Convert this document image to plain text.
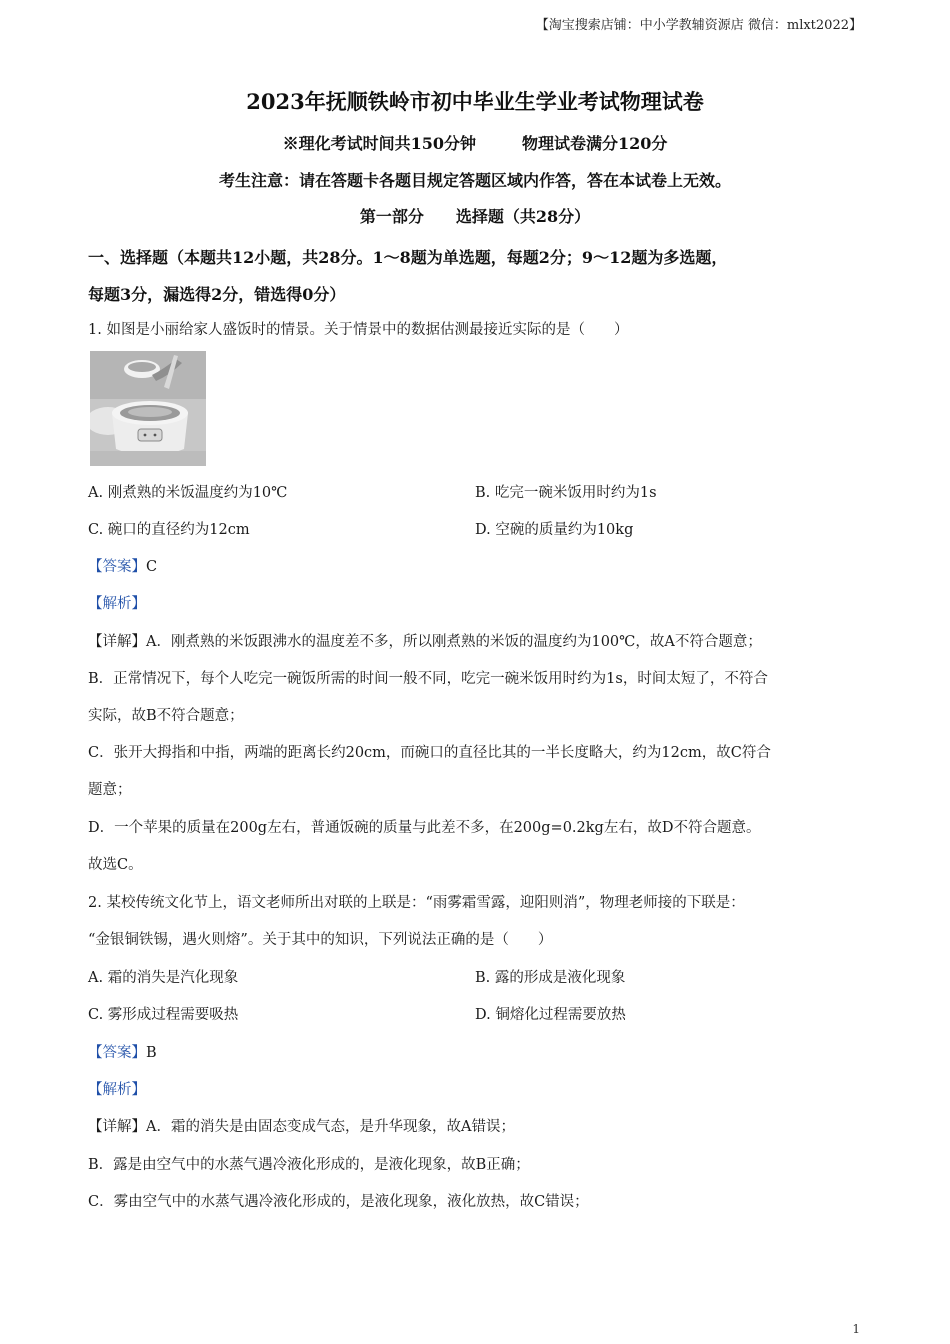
【淘宝搜索店铺：中小学教辅资源店 微信：mlxt2022】
2023年抚顺铁岭市初中毕业生学业考试物理试卷
※理化考试时间共150分钟	物理试卷满分120分
考生注意：请在答题卡各题目规定答题区域内作答，答在本试卷上无效。
第一部分　　选择题（共28分）
一、选择题（本题共12小题，共28分。1～8题为单选题，每题2分；9～12题为多选题，
每题3分，漏选得2分，错选得0分）
1. 如图是小丽给家人盛饭时的情景。关于情景中的数据估测最接近实际的是（　　）
A. 刚煮熟的米饭温度约为10℃	B. 吃完一碗米饭用时约为1s
C. 碗口的直径约为12cm	D. 空碗的质量约为10kg
【答案】C
【解析】
【详解】A．刚煮熟的米饭跟沸水的温度差不多，所以刚煮熟的米饭的温度约为100℃，故A不符合题意；
B．正常情况下，每个人吃完一碗饭所需的时间一般不同，吃完一碗米饭用时约为1s，时间太短了，不符合
实际，故B不符合题意；
C．张开大拇指和中指，两端的距离长约20cm，而碗口的直径比其的一半长度略大，约为12cm，故C符合
题意；
D．一个苹果的质量在200g左右，普通饭碗的质量与此差不多，在200g=0.2kg左右，故D不符合题意。
故选C。
2. 某校传统文化节上，语文老师所出对联的上联是：“雨雾霜雪露，迎阳则消”，物理老师接的下联是：
“金银铜铁锡，遇火则熔”。关于其中的知识，下列说法正确的是（　　）
A. 霜的消失是汽化现象	B. 露的形成是液化现象
C. 雾形成过程需要吸热	D. 铜熔化过程需要放热
【答案】B
【解析】
【详解】A．霜的消失是由固态变成气态，是升华现象，故A错误；
B．露是由空气中的水蒸气遇冷液化形成的，是液化现象，故B正确；
C．雾由空气中的水蒸气遇冷液化形成的，是液化现象，液化放热，故C错误；
1
